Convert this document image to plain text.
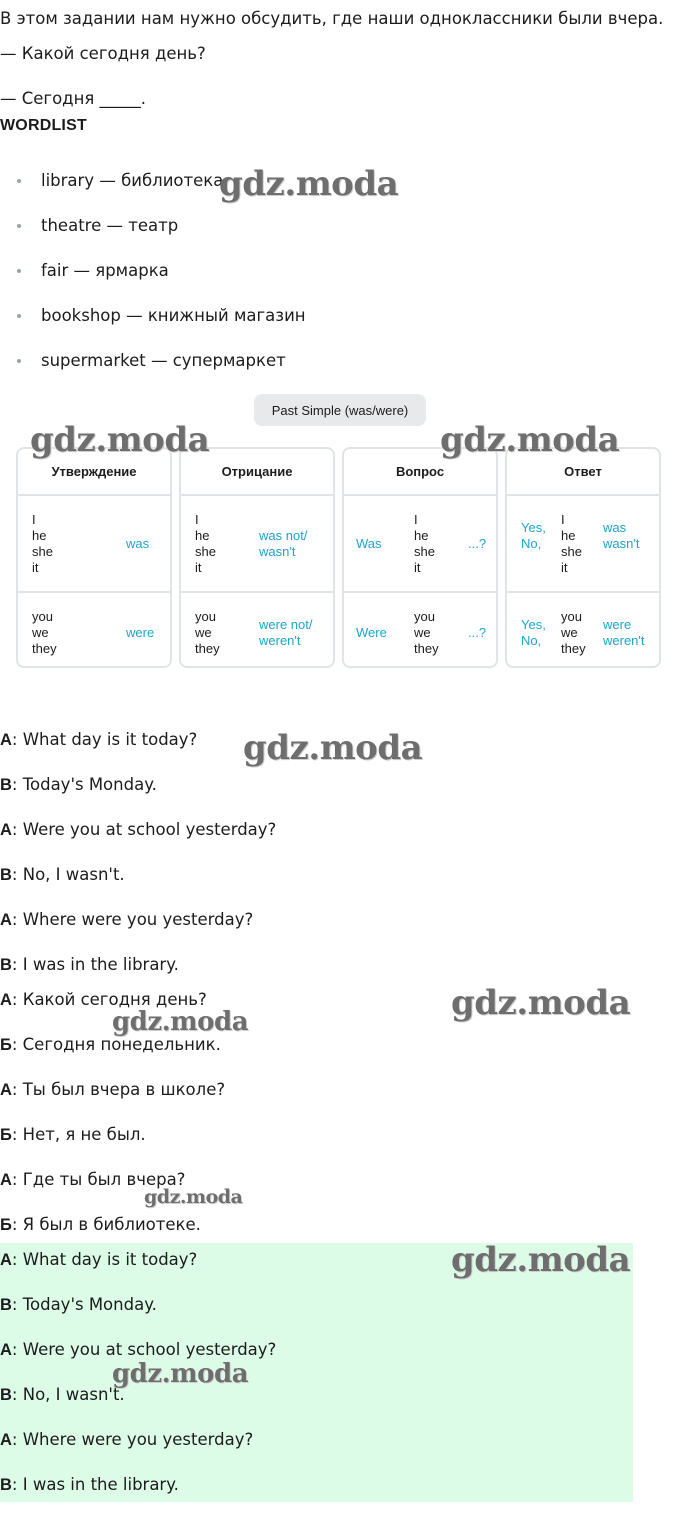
В этом задании нам нужно обсудить, где наши одноклассники были вчера.
— Какой сегодня день?
— Сегодня _____.
WORDLIST
library — библиотека
theatre — театр
fair — ярмарка
bookshop — книжный магазин
supermarket — супермаркет
Past Simple (was/were)
Утверждение
I
he
she
it
was
you
we
they
were
Отрицание
I
he
she
it
was not/
wasn't
you
we
they
were not/
weren't
Вопрос
Was
I
he
she
it
...?
Were
you
we
they
...?
Ответ
Yes,
No,
I
he
she
it
was
wasn't
Yes,
No,
you
we
they
were
weren't
A: What day is it today?
B: Today's Monday.
A: Were you at school yesterday?
B: No, I wasn't.
A: Where were you yesterday?
B: I was in the library.
А: Какой сегодня день?
Б: Сегодня понедельник.
А: Ты был вчера в школе?
Б: Нет, я не был.
А: Где ты был вчера?
Б: Я был в библиотеке.
A: What day is it today?
B: Today's Monday.
A: Were you at school yesterday?
B: No, I wasn't.
A: Where were you yesterday?
B: I was in the library.
gdz.moda
gdz.moda	gdz.moda
gdz.moda
gdz.moda
gdz.moda
gdz.moda
gdz.moda
gdz.moda
